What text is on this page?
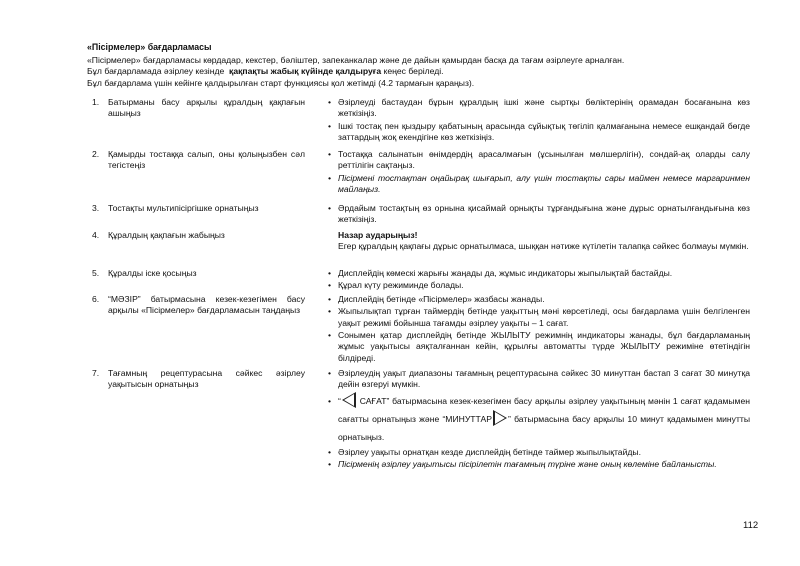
«Пісірмелер» бағдарламасы

«Пісірмелер» бағдарламасы көрдадар, кекстер, бәліштер, запеканкалар және де дайын қамырдан басқа да тағам әзірлеуге арналған.

Бұл бағдарламада әзірлеу кезінде қақпақты жабық күйінде қалдыруға кеңес беріледі.

Бұл бағдарлама үшін кейінге қалдырылған старт функциясы қол жетімді (4.2 тармағын қараңыз).

1. Батырманы басу арқылы құралдың қақпағын ашыңыз
• Әзірлеуді бастаудан бұрын құралдың ішкі және сыртқы бөліктерінің орамадан босағанына көз жеткізіңіз.
• Ішкі тостақ пен қыздыру қабатының арасында сұйықтық төгіліп қалмағанына немесе ешқандай бөгде заттардың жоқ екендігіне көз жеткізіңіз.
2. Қамырды тостаққа салып, оны қолыңызбен сәл тегістеңіз
• Тостаққа салынатын өнімдердің арасалмағын (ұсынылған мөлшерлігін), сондай-ақ оларды салу реттілігін сақтаңыз.
• Пісірмені тостақтан оңайырақ шығарып, алу үшін тостақты сары маймен немесе маргаринмен майлаңыз.
3. Тостақты мультипісіргішке орнатыңыз	• Әрдайым тостақтың өз орнына қисаймай орнықты тұрғандығына және дұрыс орнатылғандығына көз жеткізіңіз.
4. Құралдың қақпағын жабыңыз	Назар аударыңыз!
Егер құралдың қақпағы дұрыс орнатылмаса, шыққан нәтиже күтілетін талапқа сәйкес болмауы мүмкін.
5. Құралды іске қосыңыз	• Дисплейдің көмескі жарығы жаңады да, жұмыс индикаторы жыпылықтай бастайды.
• Құрал күту режиминде болады.
6. “МӘЗІР” батырмасына кезек-кезегімен басу арқылы «Пісірмелер» бағдарламасын таңдаңыз
• Дисплейдің бетінде «Пісірмелер» жазбасы жанады.
• Жыпылықтап тұрған таймердің бетінде уақыттың мәні көрсетіледі, осы бағдарлама үшін белгіленген уақыт режимі бойынша тағамды әзірлеу уақыты – 1 сағат.
• Сонымен қатар дисплейдің бетінде ЖЫЛЫТУ режимнің индикаторы жанады, бұл бағдарламаның жұмыс уақытысы аяқталғаннан кейін, құрылғы автоматты түрде ЖЫЛЫТУ режиміне өтетіндігін білдіреді.
7. Тағамның рецептурасына сәйкес әзірлеу уақытысын орнатыңыз
• Әзірлеудің уақыт диапазоны тағамның рецептурасына сәйкес 30 минуттан бастап 3 сағат 30 минутқа дейін өзгеруі мүмкін.
• “ САҒАТ” батырмасына кезек-кезегімен басу арқылы әзірлеу уақытының мәнін 1 сағат қадамымен сағатты орнатыңыз және “МИНУТТАР ” батырмасына басу арқылы 10 минут қадамымен минутты орнатыңыз.
• Әзірлеу уақыты орнатқан кезде дисплейдің бетінде таймер жыпылықтайды.
• Пісірменің әзірлеу уақытысы пісірілетін тағамның түріне және оның көлеміне байланысты.
112
